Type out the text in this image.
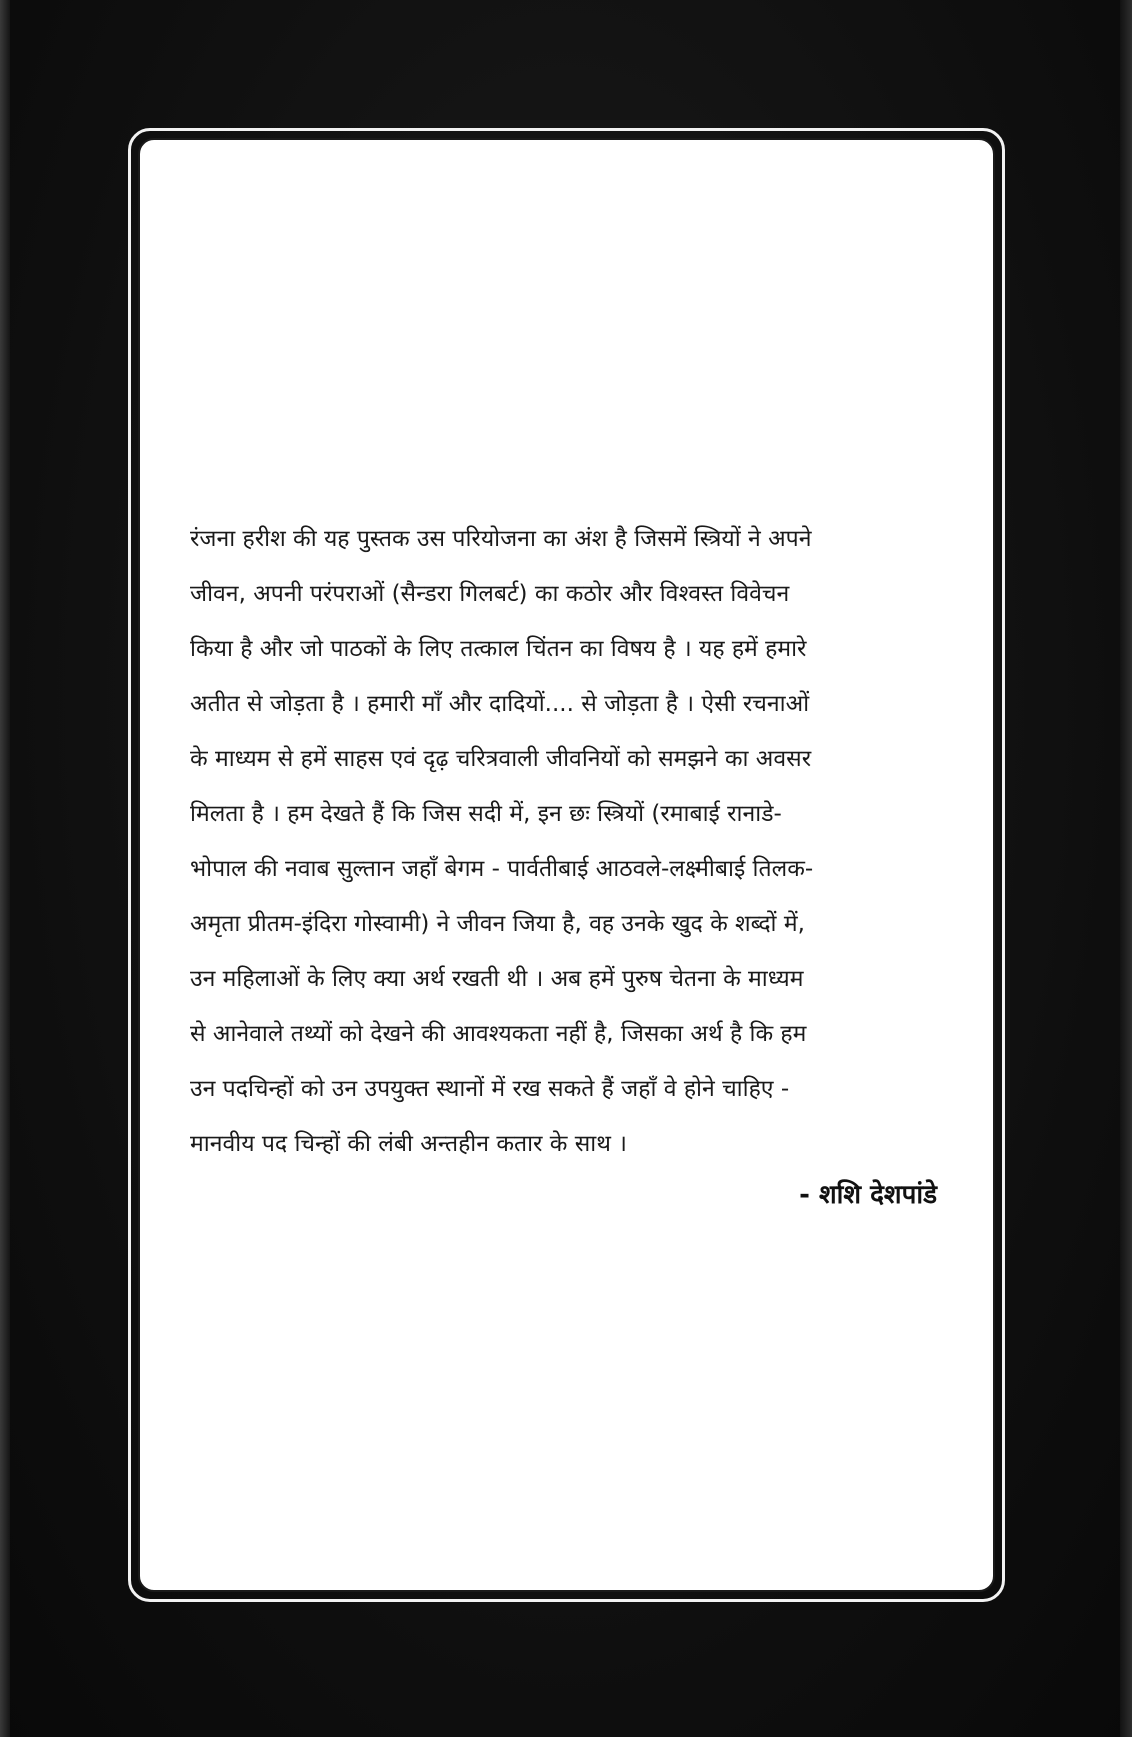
रंजना हरीश की यह पुस्तक उस परियोजना का अंश है जिसमें स्त्रियों ने अपने
जीवन, अपनी परंपराओं (सैन्डरा गिलबर्ट) का कठोर और विश्वस्त विवेचन
किया है और जो पाठकों के लिए तत्काल चिंतन का विषय है । यह हमें हमारे
अतीत से जोड़ता है । हमारी माँ और दादियों.... से जोड़ता है । ऐसी रचनाओं
के माध्यम से हमें साहस एवं दृढ़ चरित्रवाली जीवनियों को समझने का अवसर
मिलता है । हम देखते हैं कि जिस सदी में, इन छः स्त्रियों (रमाबाई रानाडे-
भोपाल की नवाब सुल्तान जहाँ बेगम - पार्वतीबाई आठवले-लक्ष्मीबाई तिलक-
अमृता प्रीतम-इंदिरा गोस्वामी) ने जीवन जिया है, वह उनके खुद के शब्दों में,
उन महिलाओं के लिए क्या अर्थ रखती थी । अब हमें पुरुष चेतना के माध्यम
से आनेवाले तथ्यों को देखने की आवश्यकता नहीं है, जिसका अर्थ है कि हम
उन पदचिन्हों को उन उपयुक्त स्थानों में रख सकते हैं जहाँ वे होने चाहिए -
मानवीय पद चिन्हों की लंबी अन्तहीन कतार के साथ ।

- शशि देशपांडे
